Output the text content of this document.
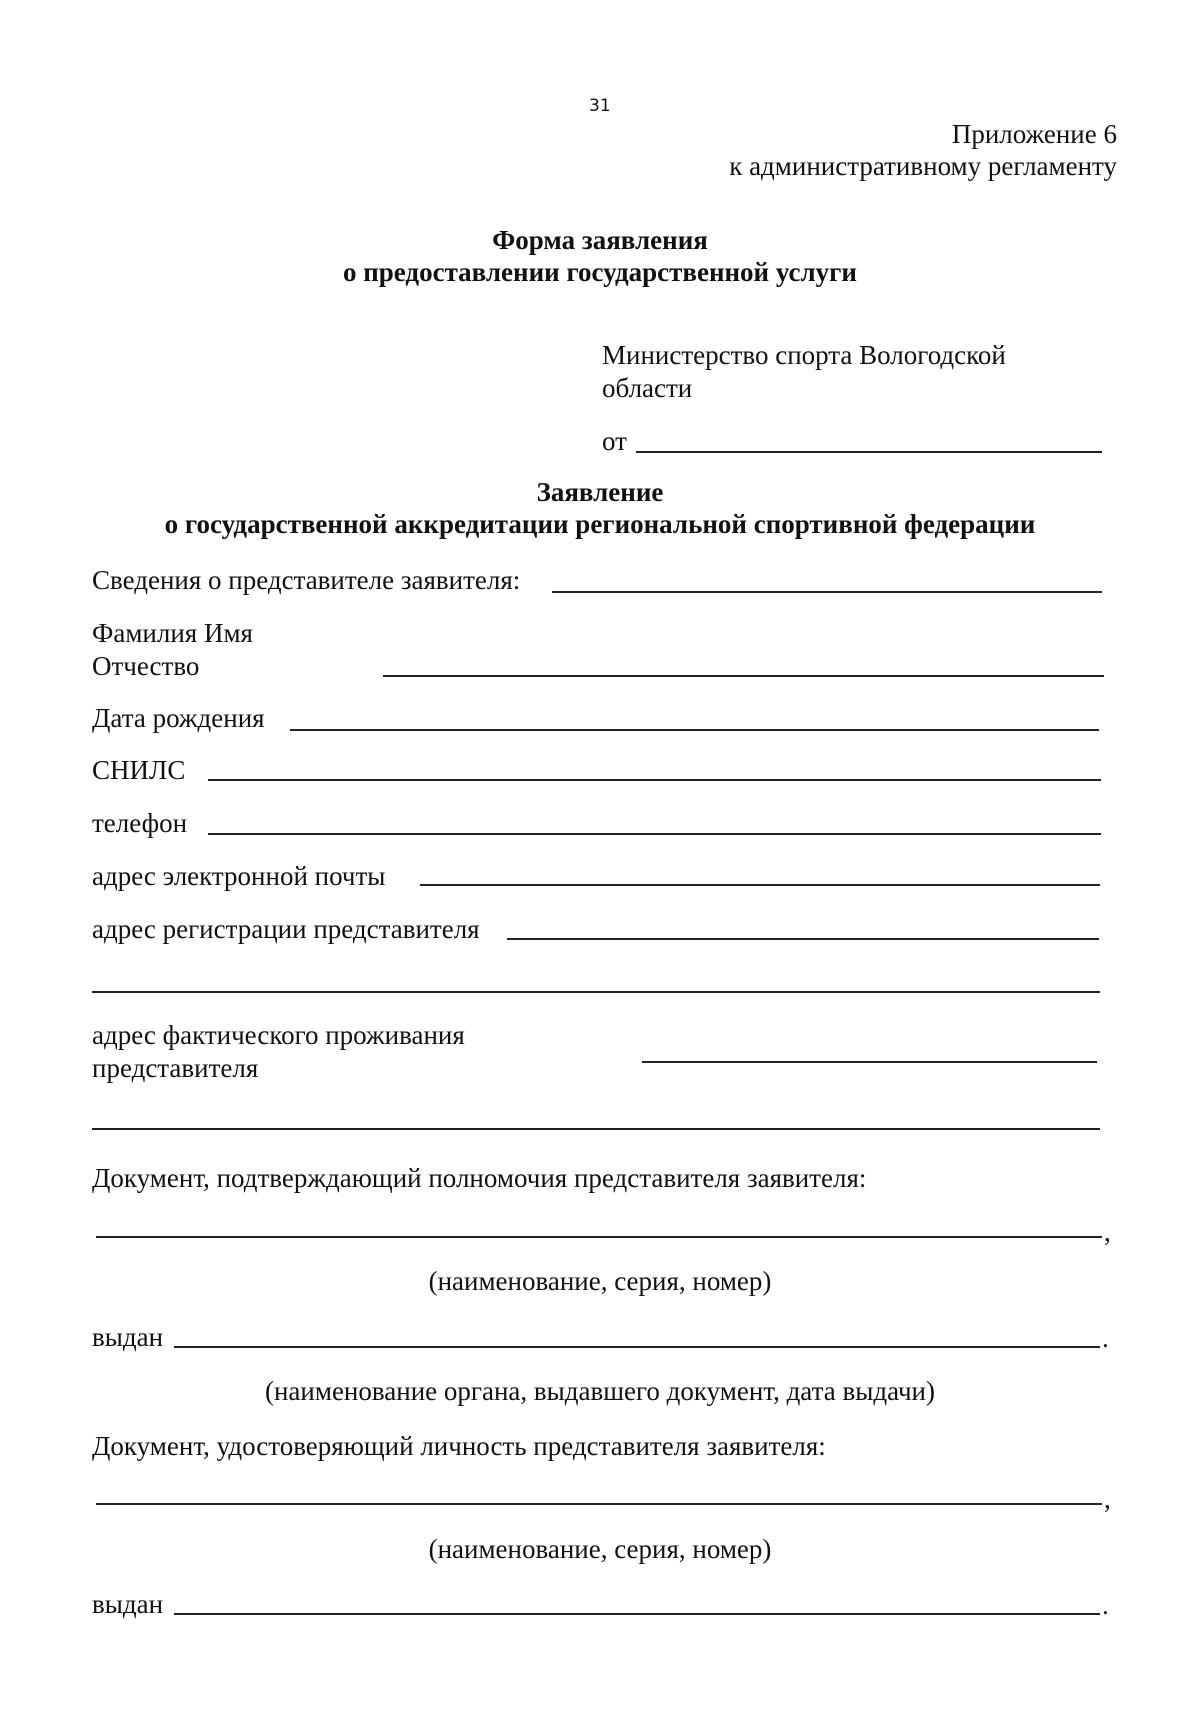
31
Приложение 6
к административному регламенту
Форма заявления
о предоставлении государственной услуги
Министерство спорта Вологодской
области
от
Заявление
о государственной аккредитации региональной спортивной федерации
Сведения о представителе заявителя:
Фамилия Имя
Отчество
Дата рождения
СНИЛС
телефон
адрес электронной почты
адрес регистрации представителя
адрес фактического проживания
представителя
Документ, подтверждающий полномочия представителя заявителя:
,
(наименование, серия, номер)
выдан	.
(наименование органа, выдавшего документ, дата выдачи)
Документ, удостоверяющий личность представителя заявителя:
,
(наименование, серия, номер)
выдан	.
